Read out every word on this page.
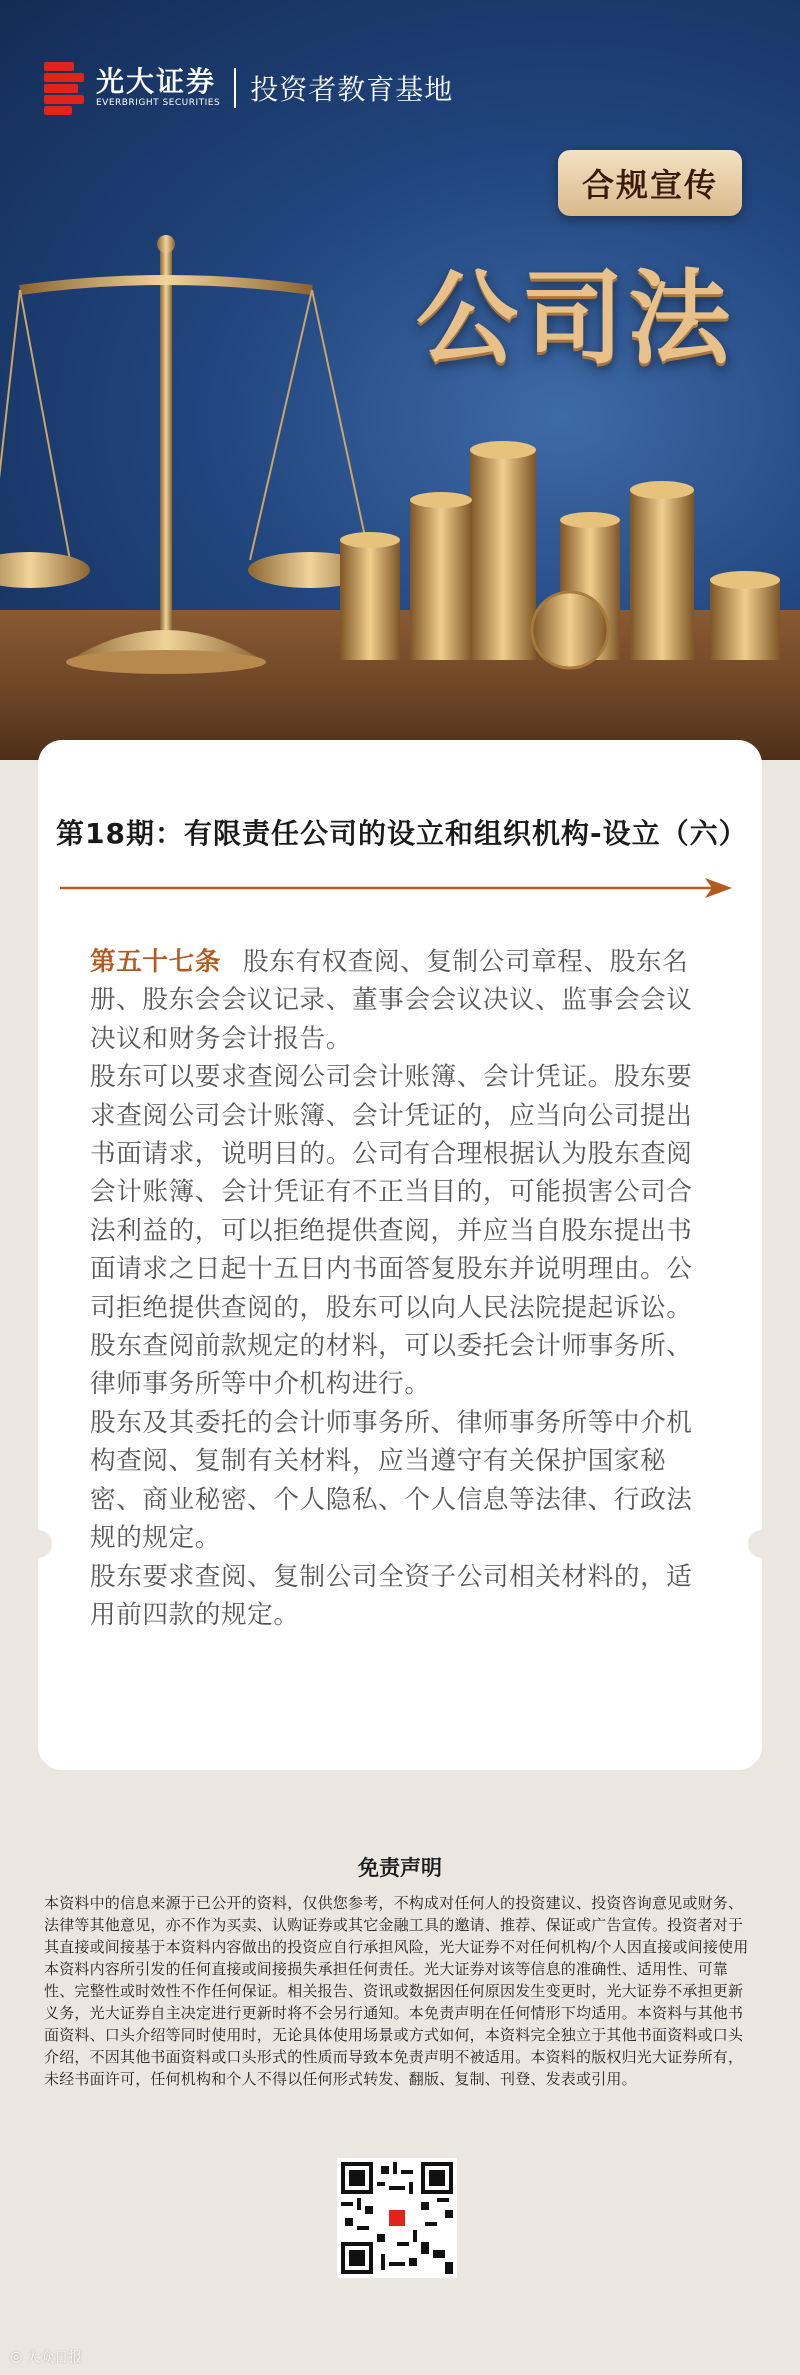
光大证券
EVERBRIGHT SECURITIES 投资者教育基地
合规宣传
公司法
第18期：有限责任公司的设立和组织机构-设立（六）

第五十七条 股东有权查阅、复制公司章程、股东名册、股东会会议记录、董事会会议决议、监事会会议决议和财务会计报告。

股东可以要求查阅公司会计账簿、会计凭证。股东要求查阅公司会计账簿、会计凭证的，应当向公司提出书面请求，说明目的。公司有合理根据认为股东查阅会计账簿、会计凭证有不正当目的，可能损害公司合法利益的，可以拒绝提供查阅，并应当自股东提出书面请求之日起十五日内书面答复股东并说明理由。公司拒绝提供查阅的，股东可以向人民法院提起诉讼。

股东查阅前款规定的材料，可以委托会计师事务所、律师事务所等中介机构进行。

股东及其委托的会计师事务所、律师事务所等中介机构查阅、复制有关材料，应当遵守有关保护国家秘密、商业秘密、个人隐私、个人信息等法律、行政法规的规定。

股东要求查阅、复制公司全资子公司相关材料的，适用前四款的规定。

免责声明
本资料中的信息来源于已公开的资料，仅供您参考，不构成对任何人的投资建议、投资咨询意见或财务、法律等其他意见，亦不作为买卖、认购证券或其它金融工具的邀请、推荐、保证或广告宣传。投资者对于其直接或间接基于本资料内容做出的投资应自行承担风险，光大证券不对任何机构/个人因直接或间接使用本资料内容所引发的任何直接或间接损失承担任何责任。光大证券对该等信息的准确性、适用性、可靠性、完整性或时效性不作任何保证。相关报告、资讯或数据因任何原因发生变更时，光大证券不承担更新义务，光大证券自主决定进行更新时将不会另行通知。本免责声明在任何情形下均适用。本资料与其他书面资料、口头介绍等同时使用时，无论具体使用场景或方式如何，本资料完全独立于其他书面资料或口头介绍，不因其他书面资料或口头形式的性质而导致本免责声明不被适用。本资料的版权归光大证券所有，未经书面许可，任何机构和个人不得以任何形式转发、翻版、复制、刊登、发表或引用。
◎ 大众日报
